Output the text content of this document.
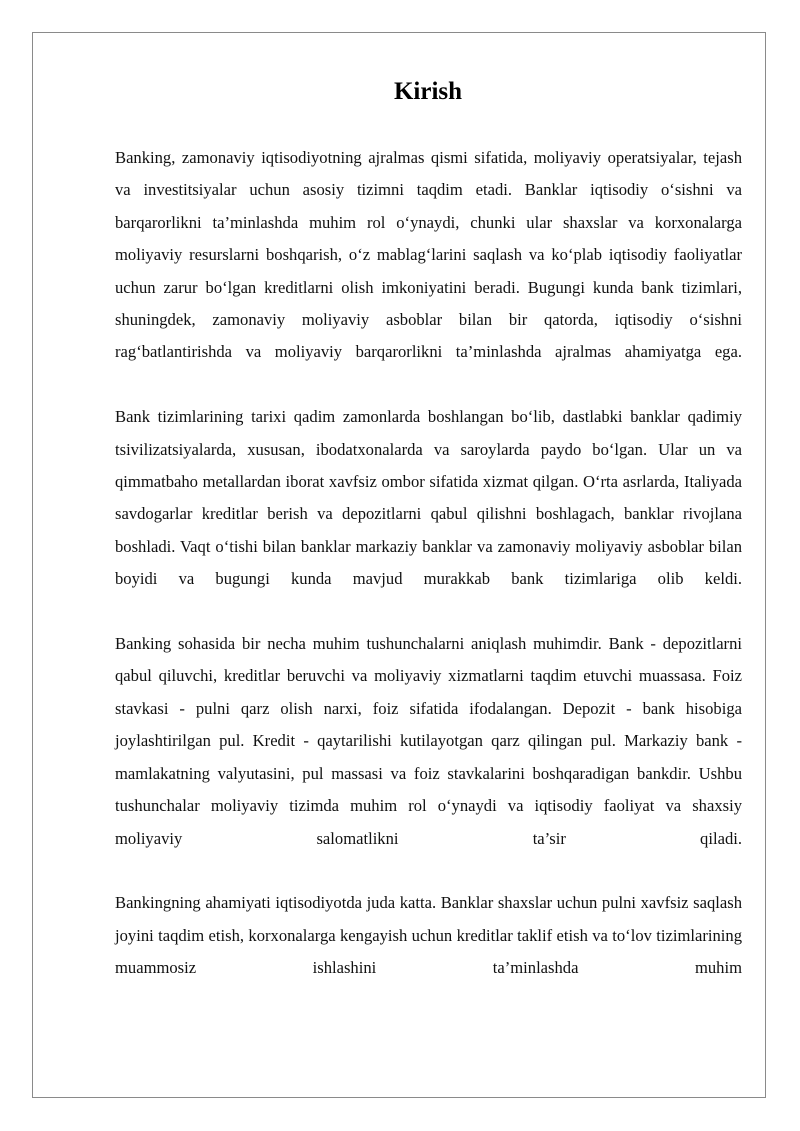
Kirish

Banking, zamonaviy iqtisodiyotning ajralmas qismi sifatida, moliyaviy operatsiyalar, tejash va investitsiyalar uchun asosiy tizimni taqdim etadi. Banklar iqtisodiy o‘sishni va barqarorlikni ta’minlashda muhim rol o‘ynaydi, chunki ular shaxslar va korxonalarga moliyaviy resurslarni boshqarish, o‘z mablag‘larini saqlash va ko‘plab iqtisodiy faoliyatlar uchun zarur bo‘lgan kreditlarni olish imkoniyatini beradi. Bugungi kunda bank tizimlari, shuningdek, zamonaviy moliyaviy asboblar bilan bir qatorda, iqtisodiy o‘sishni rag‘batlantirishda va moliyaviy barqarorlikni ta’minlashda ajralmas ahamiyatga ega.

Bank tizimlarining tarixi qadim zamonlarda boshlangan bo‘lib, dastlabki banklar qadimiy tsivilizatsiyalarda, xususan, ibodatxonalarda va saroylarda paydo bo‘lgan. Ular un va qimmatbaho metallardan iborat xavfsiz ombor sifatida xizmat qilgan. O‘rta asrlarda, Italiyada savdogarlar kreditlar berish va depozitlarni qabul qilishni boshlagach, banklar rivojlana boshladi. Vaqt o‘tishi bilan banklar markaziy banklar va zamonaviy moliyaviy asboblar bilan boyidi va bugungi kunda mavjud murakkab bank tizimlariga olib keldi.

Banking sohasida bir necha muhim tushunchalarni aniqlash muhimdir. Bank - depozitlarni qabul qiluvchi, kreditlar beruvchi va moliyaviy xizmatlarni taqdim etuvchi muassasa. Foiz stavkasi - pulni qarz olish narxi, foiz sifatida ifodalangan. Depozit - bank hisobiga joylashtirilgan pul. Kredit - qaytarilishi kutilayotgan qarz qilingan pul. Markaziy bank - mamlakatning valyutasini, pul massasi va foiz stavkalarini boshqaradigan bankdir. Ushbu tushunchalar moliyaviy tizimda muhim rol o‘ynaydi va iqtisodiy faoliyat va shaxsiy moliyaviy salomatlikni ta’sir qiladi.

Bankingning ahamiyati iqtisodiyotda juda katta. Banklar shaxslar uchun pulni xavfsiz saqlash joyini taqdim etish, korxonalarga kengayish uchun kreditlar taklif etish va to‘lov tizimlarining muammosiz ishlashini ta’minlashda muhim
